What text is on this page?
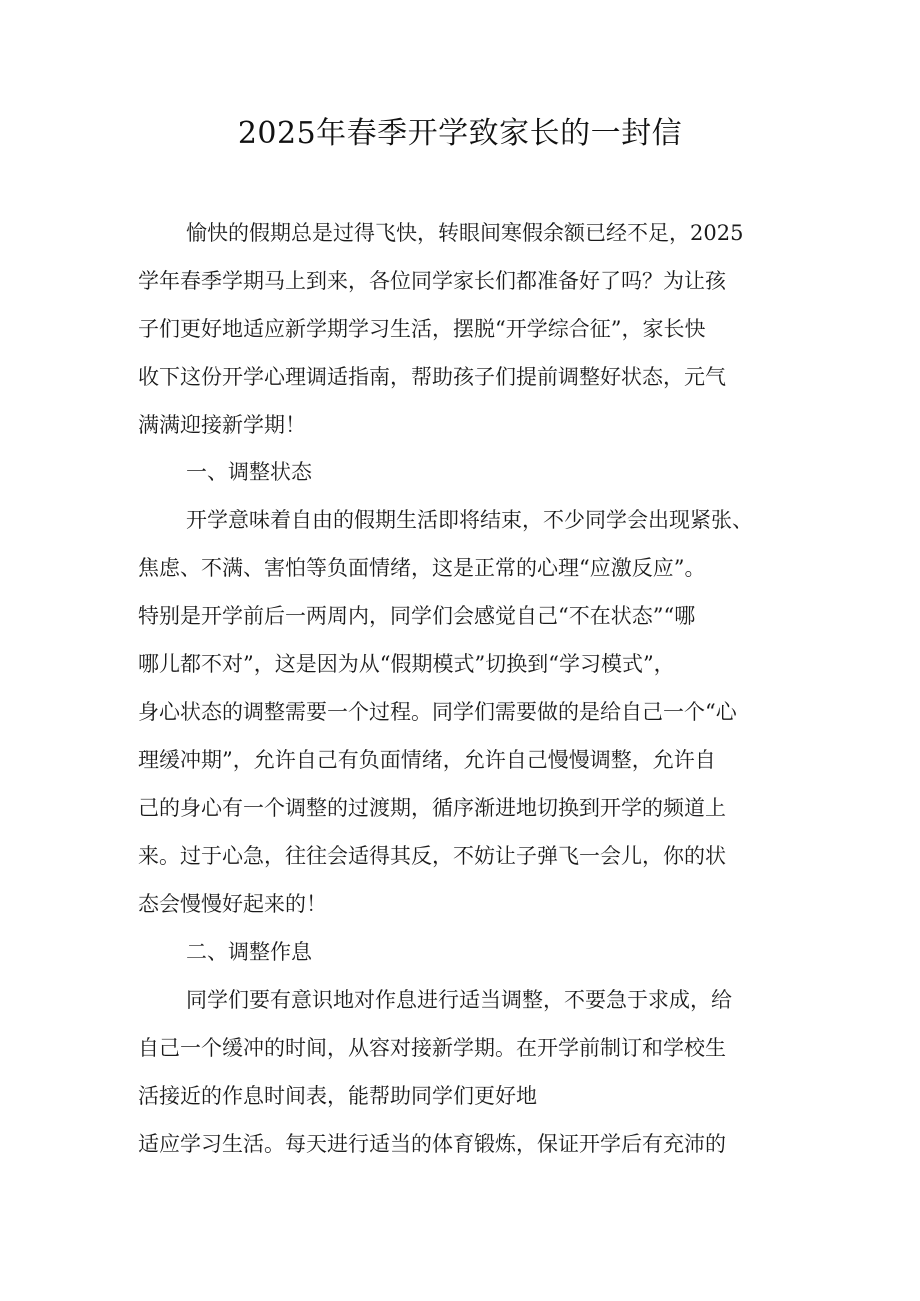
2025年春季开学致家长的一封信
愉快的假期总是过得飞快，转眼间寒假余额已经不足，2025
学年春季学期马上到来，各位同学家长们都准备好了吗？为让孩
子们更好地适应新学期学习生活，摆脱“开学综合征”，家长快
收下这份开学心理调适指南，帮助孩子们提前调整好状态，元气
满满迎接新学期！
一、调整状态
开学意味着自由的假期生活即将结束，不少同学会出现紧张、
焦虑、不满、害怕等负面情绪，这是正常的心理“应激反应”。
特别是开学前后一两周内，同学们会感觉自己“不在状态”“哪
哪儿都不对”，这是因为从“假期模式”切换到“学习模式”，
身心状态的调整需要一个过程。同学们需要做的是给自己一个“心
理缓冲期”，允许自己有负面情绪，允许自己慢慢调整，允许自
己的身心有一个调整的过渡期，循序渐进地切换到开学的频道上
来。过于心急，往往会适得其反，不妨让子弹飞一会儿，你的状
态会慢慢好起来的！
二、调整作息
同学们要有意识地对作息进行适当调整，不要急于求成，给
自己一个缓冲的时间，从容对接新学期。在开学前制订和学校生
活接近的作息时间表，能帮助同学们更好地
适应学习生活。每天进行适当的体育锻炼，保证开学后有充沛的
